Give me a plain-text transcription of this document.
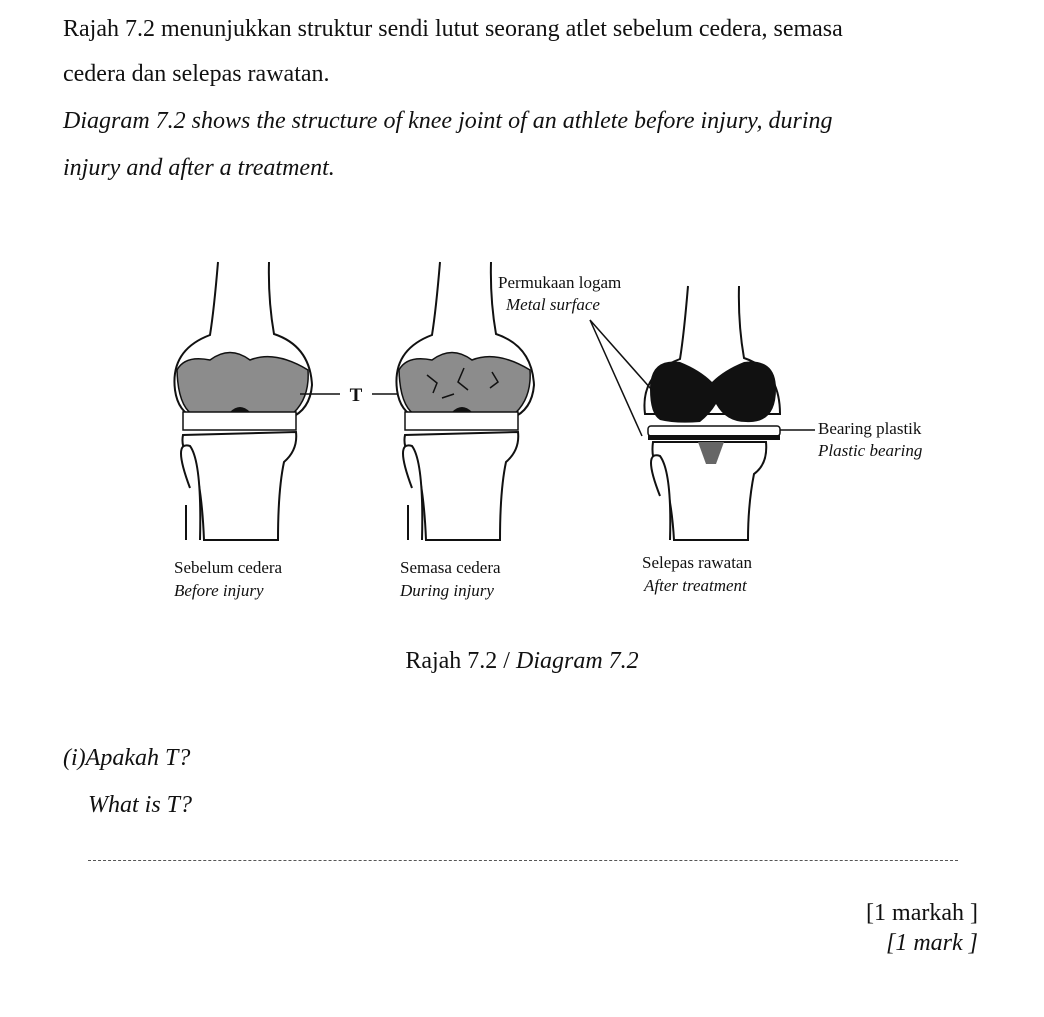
Rajah 7.2 menunjukkan struktur sendi lutut seorang atlet sebelum cedera, semasa
cedera dan selepas rawatan.
Diagram 7.2 shows the structure of knee joint of an athlete before injury, during
injury and after a treatment.
T
Permukaan logam
Metal surface
Bearing plastik
Plastic bearing
Sebelum cedera
Before injury
Semasa cedera
During injury
Selepas rawatan
After treatment
Rajah 7.2 / Diagram 7.2
(i)Apakah T?
What is T?
[1 markah ]
[1 mark ]
